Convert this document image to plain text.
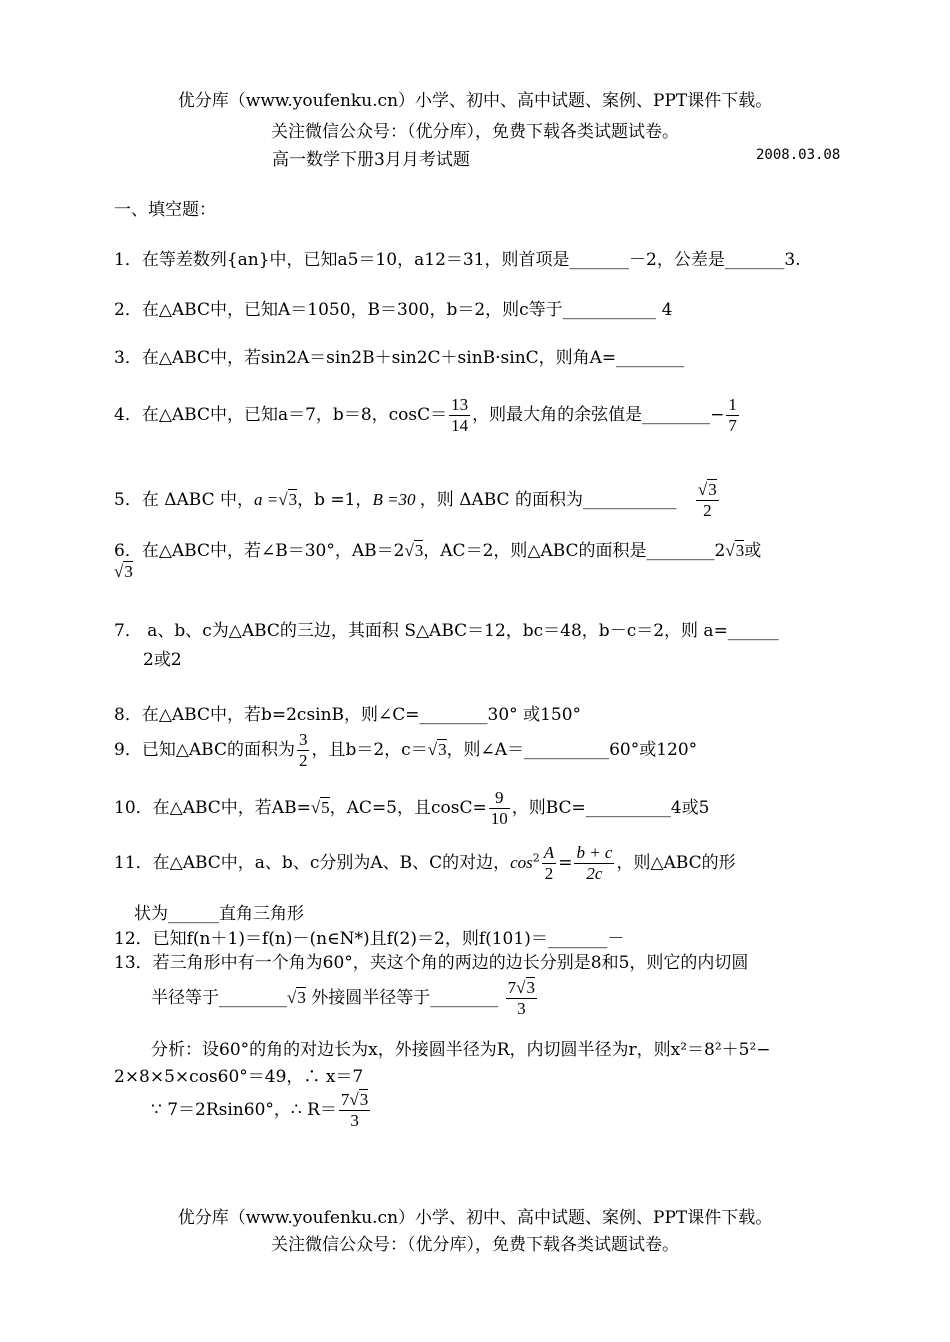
优分库（www.youfenku.cn）小学、初中、高中试题、案例、PPT课件下载。
关注微信公众号：（优分库），免费下载各类试题试卷。
高一数学下册3月月考试题	2008.03.08
一、填空题：
1．在等差数列{an}中，已知a5＝10，a12＝31，则首项是_______－2，公差是_______3.
2．在△ABC中，已知A＝1050，B＝300，b＝2，则c等于___________ 4
3．在△ABC中，若sin2A＝sin2B＋sin2C＋sinB·sinC，则角A=________
4．在△ABC中，已知a＝7，b＝8，$\cos C= \frac{13}{14}$ ，则最大角的余弦值是________− $\frac{1}{7}$
5．在 ΔABC 中，a =√3，b =1，B =30 ，则 ΔABC 的面积为___________ $\frac{√3}{2}$
6．在△ABC中，若∠B＝30°，AB＝2√3，AC＝2，则△ABC的面积是________2√3或
√3
7． a、b、c为△ABC的三边，其面积 S△ABC＝12，bc＝48，b－c＝2，则 a=______
2或2
8．在△ABC中，若b=2csinB，则∠C=________30° 或150°
9．已知△ABC的面积为 $\frac{3}{2}$ ，且b＝2，c＝√3，则∠A＝__________60°或120°
10．在△ABC中，若AB=√5，AC=5，且$\cos C= \frac{9}{10}$ ，则BC=__________4或5
11．在△ABC中，a、b、c分别为A、B、C的对边，$\cos^2 \frac{A}{2} = \frac{b + c}{2c}$ ，则△ABC的形
状为______直角三角形
12．已知f(n＋1)＝f(n)－(n∈N*)且f(2)＝2，则f(101)＝_______－
13．若三角形中有一个角为60°，夹这个角的两边的边长分别是8和5，则它的内切圆
半径等于________√3 外接圆半径等于________ $\frac{7√3}{3}$
分析：设60°的角的对边长为x，外接圆半径为R，内切圆半径为r，则x²＝8²＋5²−
2×8×5×cos60°＝49，∴ x＝7
∵ 7＝2Rsin60°，∴ $R= \frac{7√3}{3}$
优分库（www.youfenku.cn）小学、初中、高中试题、案例、PPT课件下载。
关注微信公众号：（优分库），免费下载各类试题试卷。
